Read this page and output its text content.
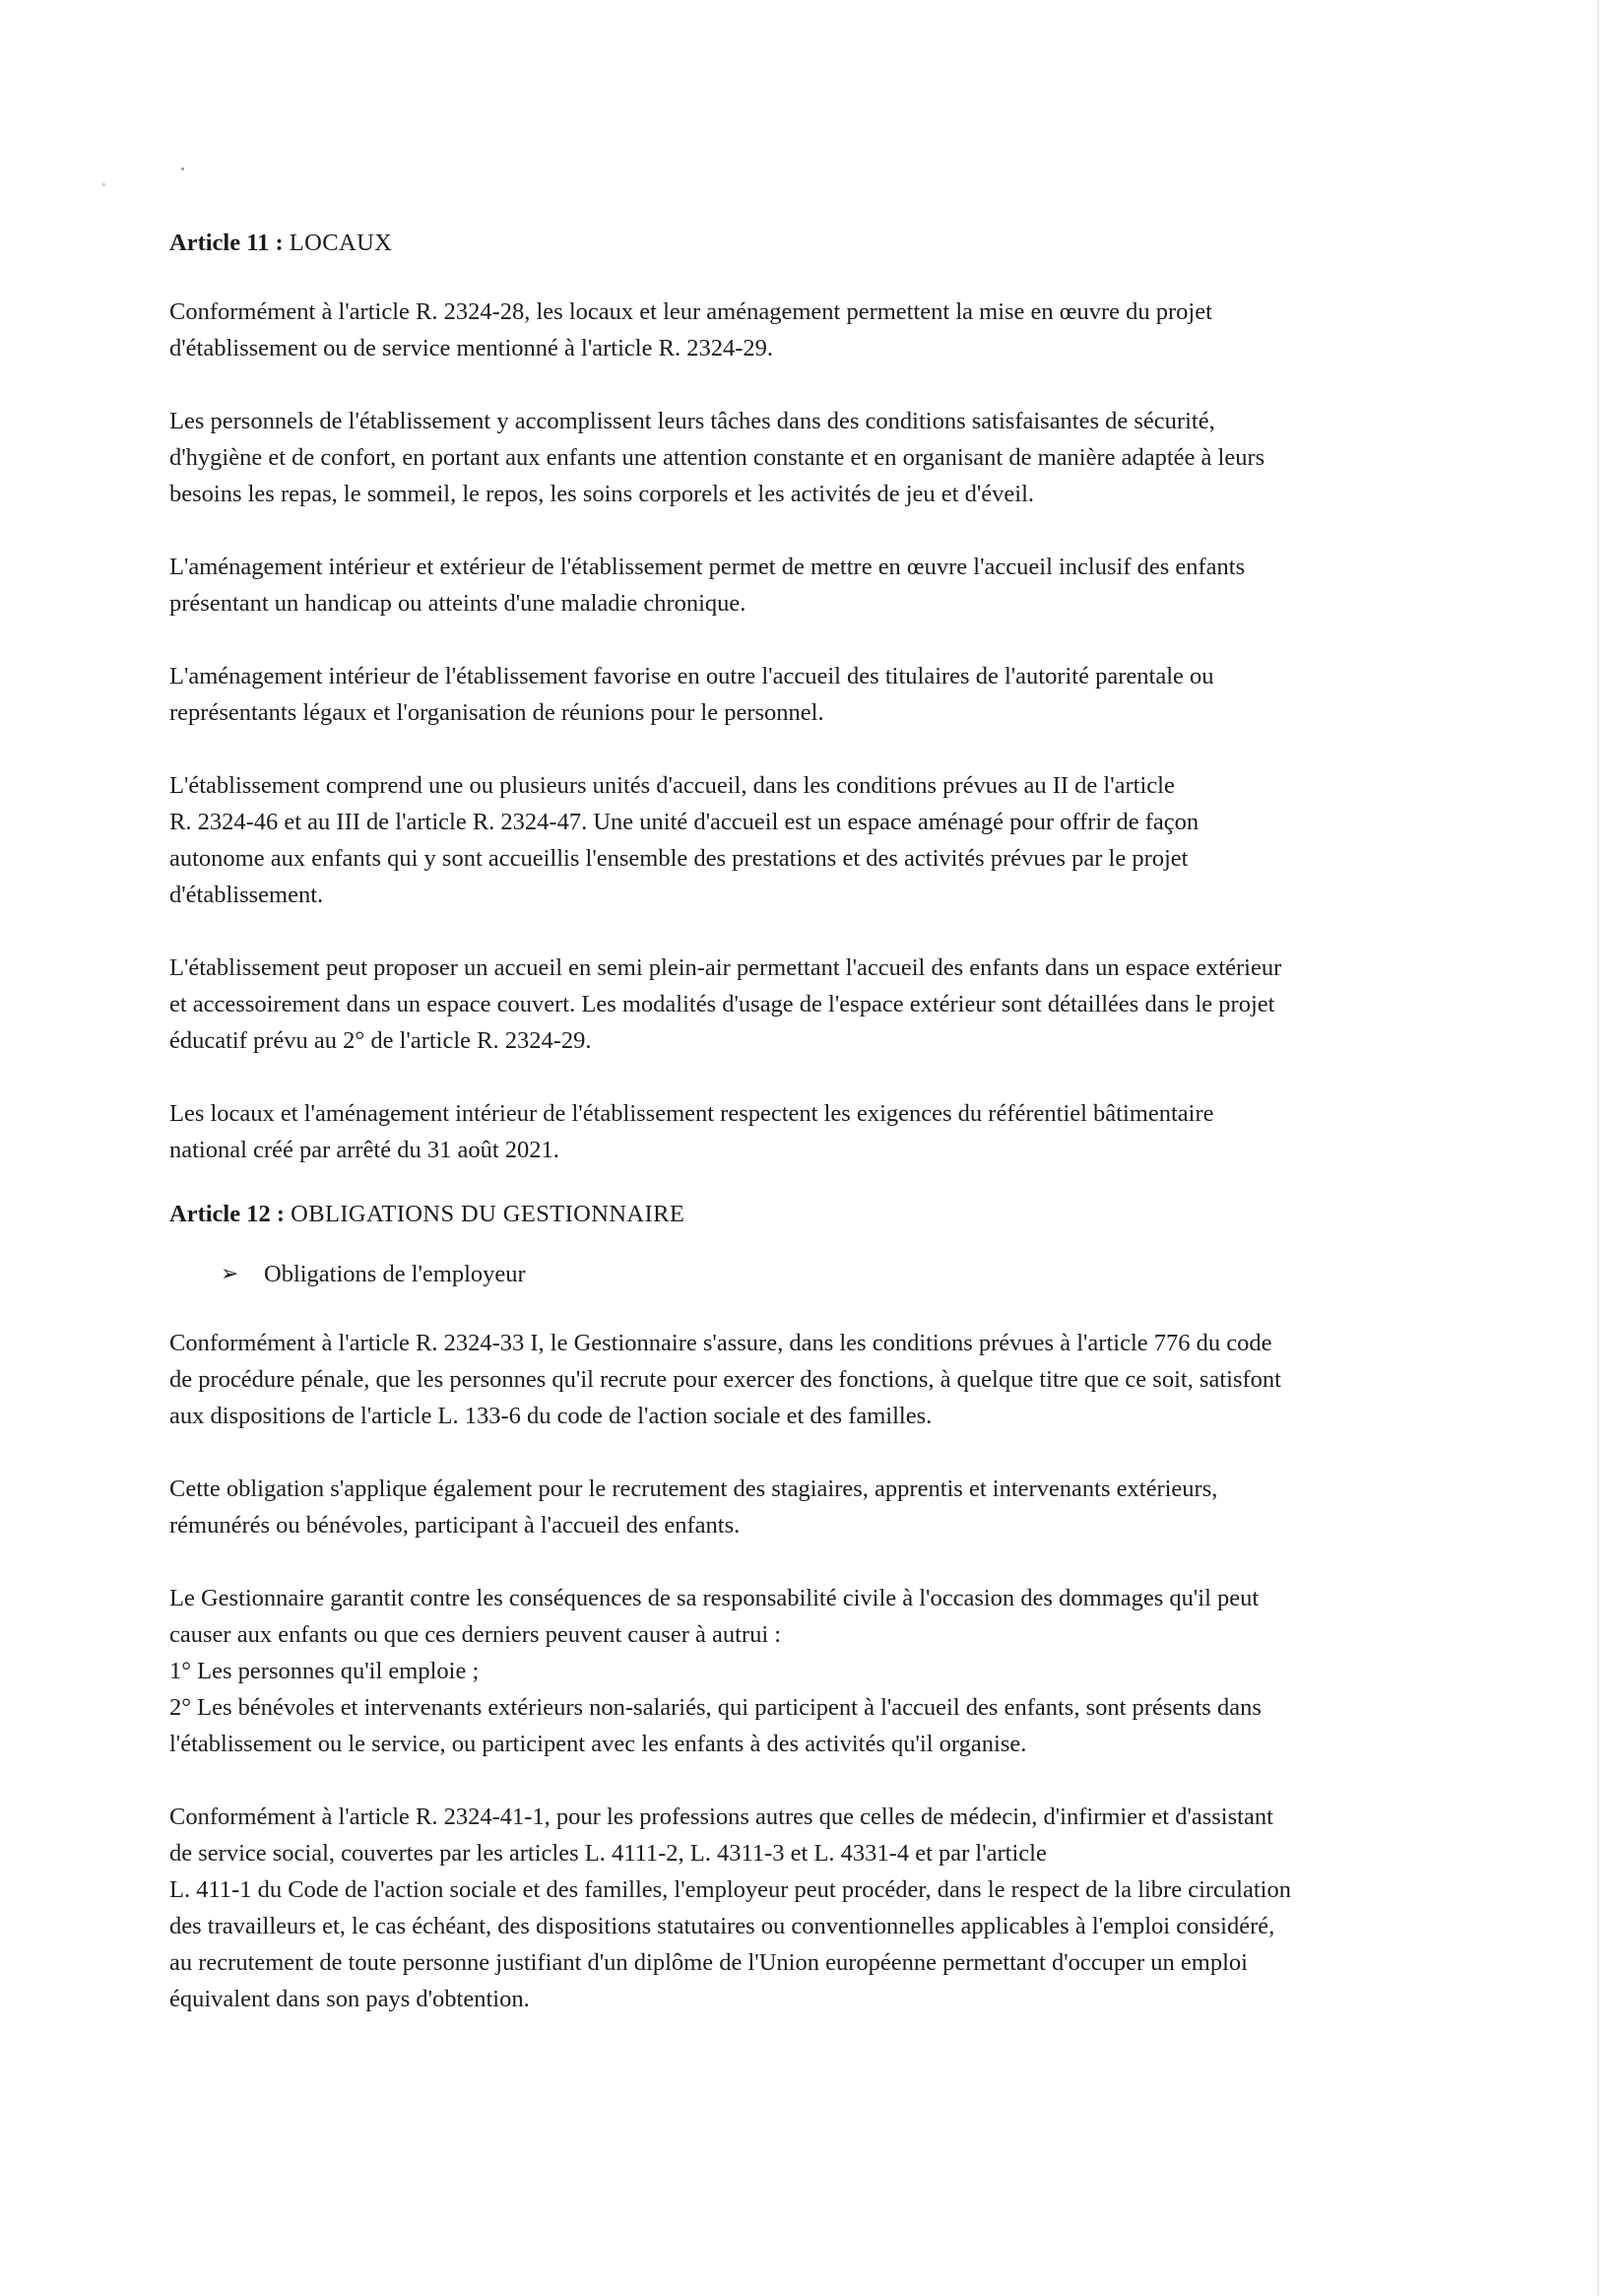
Article 11 : LOCAUX
Conformément à l'article R. 2324-28, les locaux et leur aménagement permettent la mise en œuvre du projet
d'établissement ou de service mentionné à l'article R. 2324-29.
Les personnels de l'établissement y accomplissent leurs tâches dans des conditions satisfaisantes de sécurité,
d'hygiène et de confort, en portant aux enfants une attention constante et en organisant de manière adaptée à leurs
besoins les repas, le sommeil, le repos, les soins corporels et les activités de jeu et d'éveil.
L'aménagement intérieur et extérieur de l'établissement permet de mettre en œuvre l'accueil inclusif des enfants
présentant un handicap ou atteints d'une maladie chronique.
L'aménagement intérieur de l'établissement favorise en outre l'accueil des titulaires de l'autorité parentale ou
représentants légaux et l'organisation de réunions pour le personnel.
L'établissement comprend une ou plusieurs unités d'accueil, dans les conditions prévues au II de l'article
R. 2324-46 et au III de l'article R. 2324-47. Une unité d'accueil est un espace aménagé pour offrir de façon
autonome aux enfants qui y sont accueillis l'ensemble des prestations et des activités prévues par le projet
d'établissement.
L'établissement peut proposer un accueil en semi plein-air permettant l'accueil des enfants dans un espace extérieur
et accessoirement dans un espace couvert. Les modalités d'usage de l'espace extérieur sont détaillées dans le projet
éducatif prévu au 2° de l'article R. 2324-29.
Les locaux et l'aménagement intérieur de l'établissement respectent les exigences du référentiel bâtimentaire
national créé par arrêté du 31 août 2021.
Article 12 : OBLIGATIONS DU GESTIONNAIRE
➢ Obligations de l'employeur
Conformément à l'article R. 2324-33 I, le Gestionnaire s'assure, dans les conditions prévues à l'article 776 du code
de procédure pénale, que les personnes qu'il recrute pour exercer des fonctions, à quelque titre que ce soit, satisfont
aux dispositions de l'article L. 133-6 du code de l'action sociale et des familles.
Cette obligation s'applique également pour le recrutement des stagiaires, apprentis et intervenants extérieurs,
rémunérés ou bénévoles, participant à l'accueil des enfants.
Le Gestionnaire garantit contre les conséquences de sa responsabilité civile à l'occasion des dommages qu'il peut
causer aux enfants ou que ces derniers peuvent causer à autrui :
1° Les personnes qu'il emploie ;
2° Les bénévoles et intervenants extérieurs non-salariés, qui participent à l'accueil des enfants, sont présents dans
l'établissement ou le service, ou participent avec les enfants à des activités qu'il organise.
Conformément à l'article R. 2324-41-1, pour les professions autres que celles de médecin, d'infirmier et d'assistant
de service social, couvertes par les articles L. 4111-2, L. 4311-3 et L. 4331-4 et par l'article
L. 411-1 du Code de l'action sociale et des familles, l'employeur peut procéder, dans le respect de la libre circulation
des travailleurs et, le cas échéant, des dispositions statutaires ou conventionnelles applicables à l'emploi considéré,
au recrutement de toute personne justifiant d'un diplôme de l'Union européenne permettant d'occuper un emploi
équivalent dans son pays d'obtention.
